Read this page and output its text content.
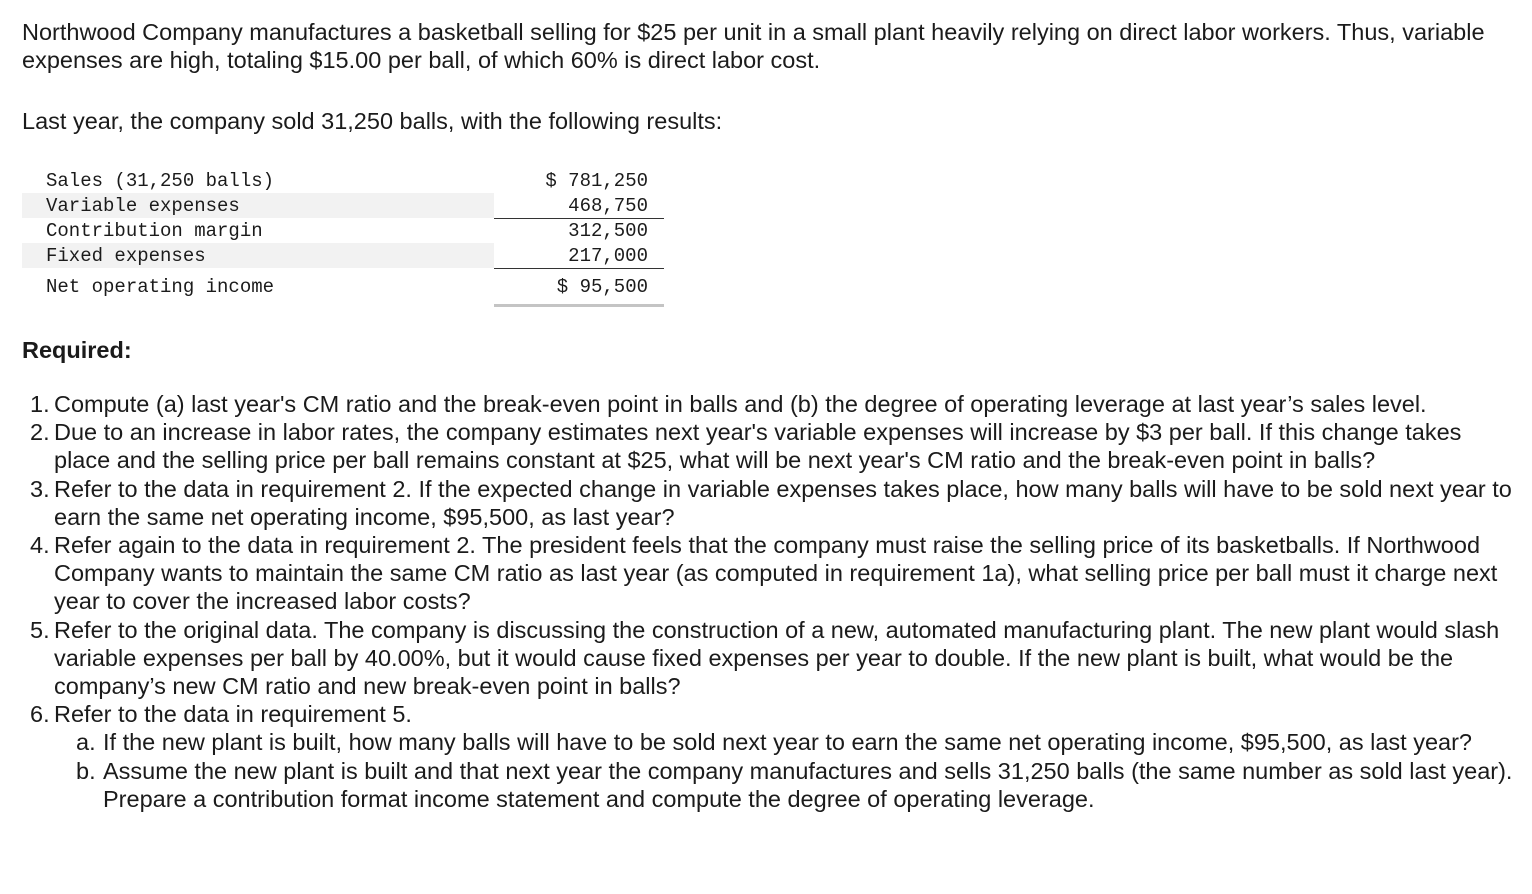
Northwood Company manufactures a basketball selling for $25 per unit in a small plant heavily relying on direct labor workers. Thus, variable expenses are high, totaling $15.00 per ball, of which 60% is direct labor cost.

Last year, the company sold 31,250 balls, with the following results:

Sales (31,250 balls)	$ 781,250
Variable expenses	468,750
Contribution margin	312,500
Fixed expenses	217,000
Net operating income	$ 95,500

Required:

1. Compute (a) last year's CM ratio and the break-even point in balls and (b) the degree of operating leverage at last year’s sales level.
2. Due to an increase in labor rates, the company estimates next year's variable expenses will increase by $3 per ball. If this change takes place and the selling price per ball remains constant at $25, what will be next year's CM ratio and the break-even point in balls?
3. Refer to the data in requirement 2. If the expected change in variable expenses takes place, how many balls will have to be sold next year to earn the same net operating income, $95,500, as last year?
4. Refer again to the data in requirement 2. The president feels that the company must raise the selling price of its basketballs. If Northwood Company wants to maintain the same CM ratio as last year (as computed in requirement 1a), what selling price per ball must it charge next year to cover the increased labor costs?
5. Refer to the original data. The company is discussing the construction of a new, automated manufacturing plant. The new plant would slash variable expenses per ball by 40.00%, but it would cause fixed expenses per year to double. If the new plant is built, what would be the company’s new CM ratio and new break-even point in balls?
6. Refer to the data in requirement 5.
a. If the new plant is built, how many balls will have to be sold next year to earn the same net operating income, $95,500, as last year?
b. Assume the new plant is built and that next year the company manufactures and sells 31,250 balls (the same number as sold last year). Prepare a contribution format income statement and compute the degree of operating leverage.
